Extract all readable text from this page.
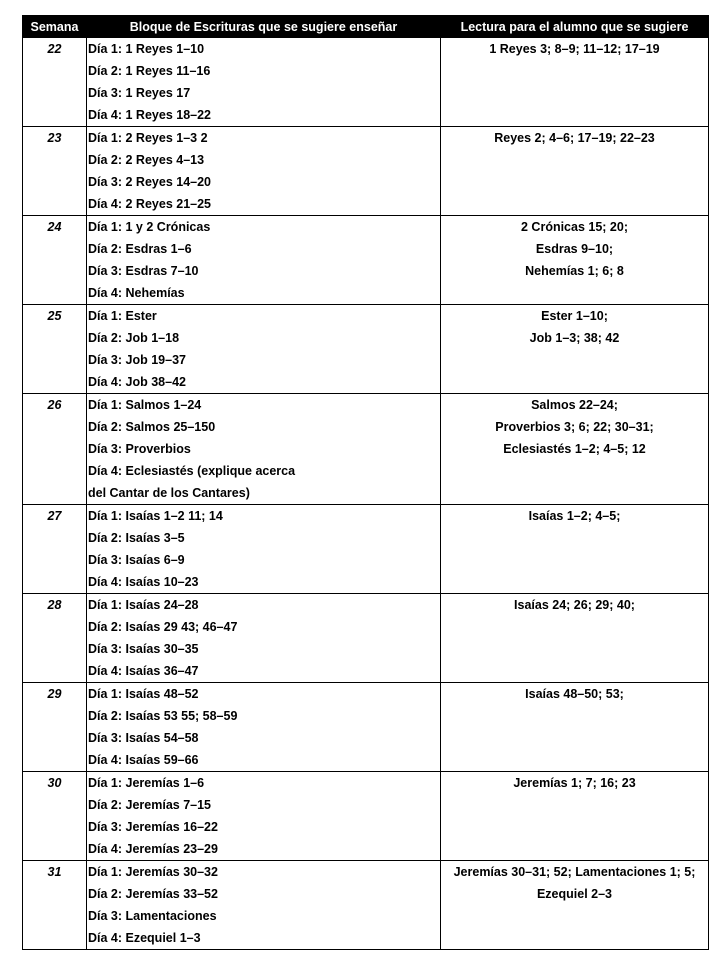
Semana	Bloque de Escrituras que se sugiere enseñar	Lectura para el alumno que se sugiere
22	Día 1: 1 Reyes 1–10
Día 2: 1 Reyes 11–16
Día 3: 1 Reyes 17
Día 4: 1 Reyes 18–22	1 Reyes 3; 8–9; 11–12; 17–19

23	Día 1: 2 Reyes 1–3 2
Día 2: 2 Reyes 4–13
Día 3: 2 Reyes 14–20
Día 4: 2 Reyes 21–25	Reyes 2; 4–6; 17–19; 22–23

24	Día 1: 1 y 2 Crónicas
Día 2: Esdras 1–6
Día 3: Esdras 7–10
Día 4: Nehemías	2 Crónicas 15; 20;
Esdras 9–10;
Nehemías 1; 6; 8

25	Día 1: Ester
Día 2: Job 1–18
Día 3: Job 19–37
Día 4: Job 38–42	Ester 1–10;
Job 1–3; 38; 42

26	Día 1: Salmos 1–24
Día 2: Salmos 25–150
Día 3: Proverbios
Día 4: Eclesiastés (explique acerca
del Cantar de los Cantares)	Salmos 22–24;
Proverbios 3; 6; 22; 30–31;
Eclesiastés 1–2; 4–5; 12

27	Día 1: Isaías 1–2 11; 14
Día 2: Isaías 3–5
Día 3: Isaías 6–9
Día 4: Isaías 10–23	Isaías 1–2; 4–5;

28	Día 1: Isaías 24–28
Día 2: Isaías 29 43; 46–47
Día 3: Isaías 30–35
Día 4: Isaías 36–47	Isaías 24; 26; 29; 40;

29	Día 1: Isaías 48–52
Día 2: Isaías 53 55; 58–59
Día 3: Isaías 54–58
Día 4: Isaías 59–66	Isaías 48–50; 53;

30	Día 1: Jeremías 1–6
Día 2: Jeremías 7–15
Día 3: Jeremías 16–22
Día 4: Jeremías 23–29	Jeremías 1; 7; 16; 23

31	Día 1: Jeremías 30–32
Día 2: Jeremías 33–52
Día 3: Lamentaciones
Día 4: Ezequiel 1–3	Jeremías 30–31; 52; Lamentaciones 1; 5;
Ezequiel 2–3
